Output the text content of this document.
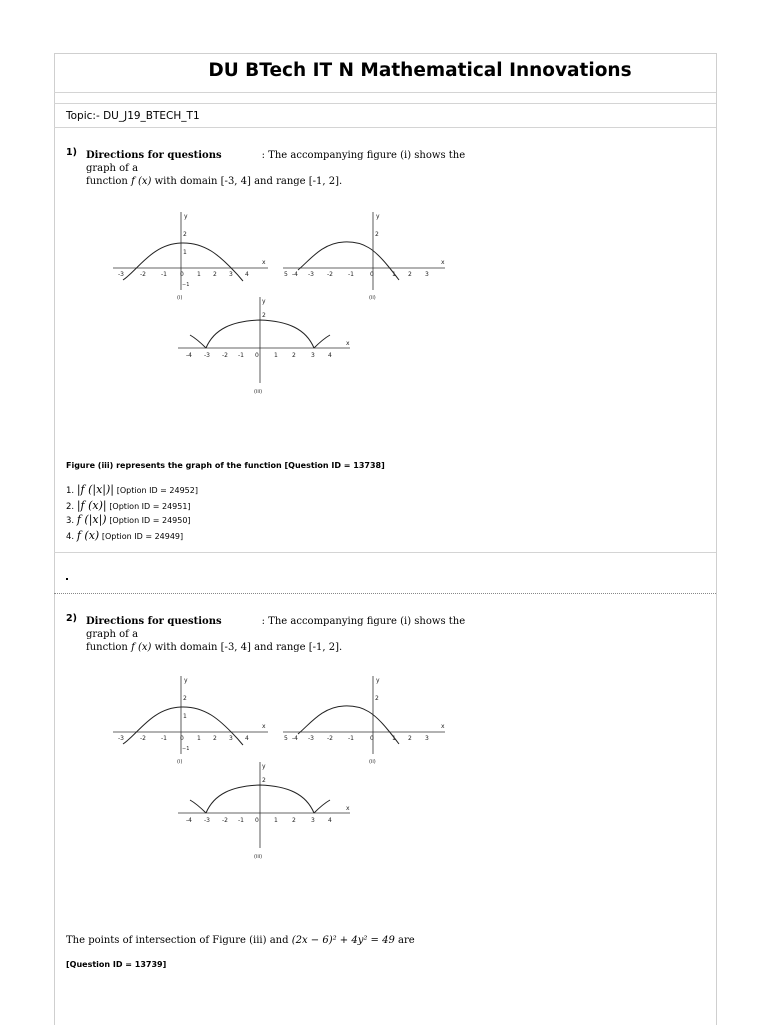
DU BTech IT N Mathematical Innovations
Topic:- DU_J19_BTECH_T1
1) Directions for questions	: The accompanying figure (i) shows the graph of a
function f (x) with domain [-3, 4] and range [-1, 2].
x
y
-3	-2	-1 0 1 2 3 4
2
1
−1
(i)
x
y
5 -4 -3 -2	-1	0	1 2 3
2
(ii)
x
y
-4 -3 -2 -1 0	1 2	3 4
2
(iii)
Figure (iii) represents the graph of the function [Question ID = 13738]
1. |f (|x|)| [Option ID = 24952]
2. |f (x)| [Option ID = 24951]
3. f (|x|) [Option ID = 24950]
4. f (x) [Option ID = 24949]
2) Directions for questions	: The accompanying figure (i) shows the graph of a
function f (x) with domain [-3, 4] and range [-1, 2].
x
y
-3	-2	-1 0 1 2 3 4
2
1
−1
(i)
x
y
5 -4 -3 -2	-1	0	1 2 3
2
(ii)
x
y
-4 -3 -2 -1 0	1 2	3 4
2
(iii)
The points of intersection of Figure (iii) and (2x − 6)² + 4y² = 49 are
[Question ID = 13739]
